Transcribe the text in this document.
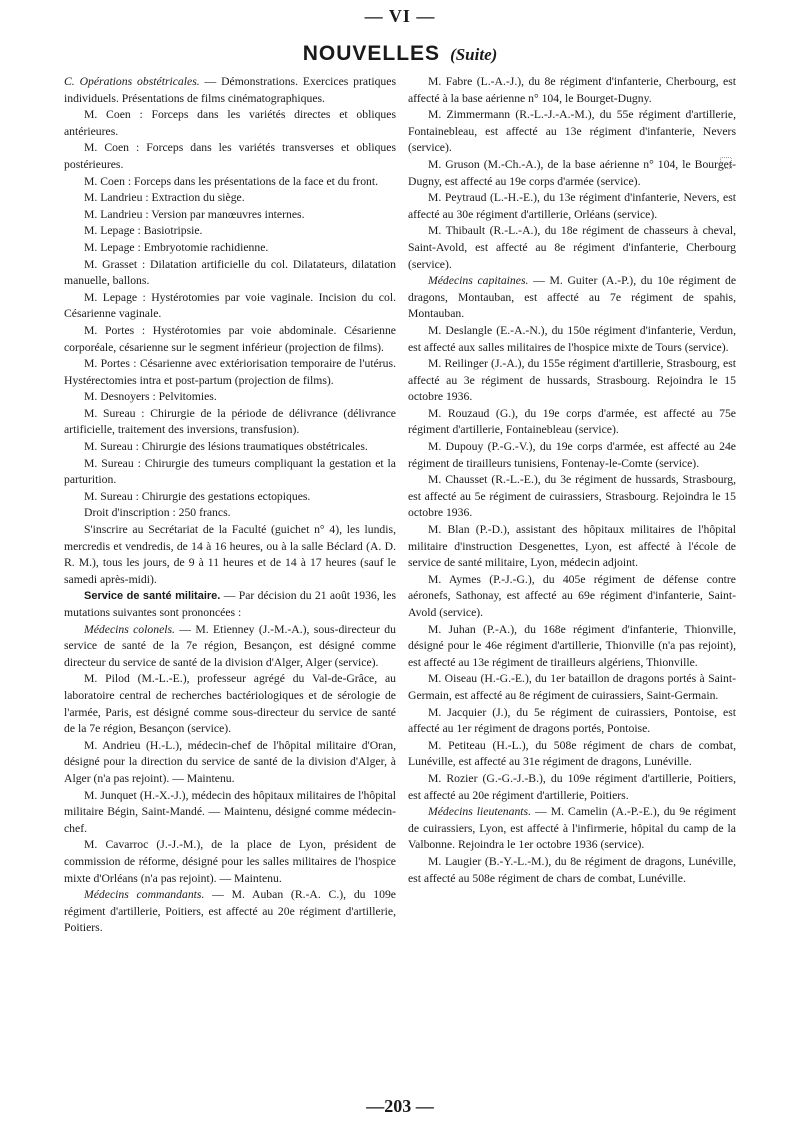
— VI —
NOUVELLES (Suite)

C. Opérations obstétricales. — Démonstrations. Exercices pratiques individuels. Présentations de films cinématographiques.

M. Coen : Forceps dans les variétés directes et obliques antérieures.

M. Coen : Forceps dans les variétés transverses et obliques postérieures.

M. Coen : Forceps dans les présentations de la face et du front.

M. Landrieu : Extraction du siège.

M. Landrieu : Version par manœuvres internes.

M. Lepage : Basiotripsie.

M. Lepage : Embryotomie rachidienne.

M. Grasset : Dilatation artificielle du col. Dilatateurs, dilatation manuelle, ballons.

M. Lepage : Hystérotomies par voie vaginale. Incision du col. Césarienne vaginale.

M. Portes : Hystérotomies par voie abdominale. Césarienne corporéale, césarienne sur le segment inférieur (projection de films).

M. Portes : Césarienne avec extériorisation temporaire de l'utérus. Hystérectomies intra et post-partum (projection de films).

M. Desnoyers : Pelvitomies.

M. Sureau : Chirurgie de la période de délivrance (délivrance artificielle, traitement des inversions, transfusion).

M. Sureau : Chirurgie des lésions traumatiques obstétricales.

M. Sureau : Chirurgie des tumeurs compliquant la gestation et la parturition.

M. Sureau : Chirurgie des gestations ectopiques.

Droit d'inscription : 250 francs.

S'inscrire au Secrétariat de la Faculté (guichet n° 4), les lundis, mercredis et vendredis, de 14 à 16 heures, ou à la salle Béclard (A. D. R. M.), tous les jours, de 9 à 11 heures et de 14 à 17 heures (sauf le samedi après-midi).

Service de santé militaire. — Par décision du 21 août 1936, les mutations suivantes sont prononcées :

Médecins colonels. — M. Etienney (J.-M.-A.), sous-directeur du service de santé de la 7e région, Besançon, est désigné comme directeur du service de santé de la division d'Alger, Alger (service).

M. Pilod (M.-L.-E.), professeur agrégé du Val-de-Grâce, au laboratoire central de recherches bactériologiques et de sérologie de l'armée, Paris, est désigné comme sous-directeur du service de santé de la 7e région, Besançon (service).

M. Andrieu (H.-L.), médecin-chef de l'hôpital militaire d'Oran, désigné pour la direction du service de santé de la division d'Alger, à Alger (n'a pas rejoint). — Maintenu.

M. Junquet (H.-X.-J.), médecin des hôpitaux militaires de l'hôpital militaire Bégin, Saint-Mandé. — Maintenu, désigné comme médecin-chef.

M. Cavarroc (J.-J.-M.), de la place de Lyon, président de commission de réforme, désigné pour les salles militaires de l'hospice mixte d'Orléans (n'a pas rejoint). — Maintenu.

Médecins commandants. — M. Auban (R.-A. C.), du 109e régiment d'artillerie, Poitiers, est affecté au 20e régiment d'artillerie, Poitiers.

M. Fabre (L.-A.-J.), du 8e régiment d'infanterie, Cherbourg, est affecté à la base aérienne n° 104, le Bourget-Dugny.

M. Zimmermann (R.-L.-J.-A.-M.), du 55e régiment d'artillerie, Fontainebleau, est affecté au 13e régiment d'infanterie, Nevers (service).

M. Gruson (M.-Ch.-A.), de la base aérienne n° 104, le Bourget-Dugny, est affecté au 19e corps d'armée (service).

M. Peytraud (L.-H.-E.), du 13e régiment d'infanterie, Nevers, est affecté au 30e régiment d'artillerie, Orléans (service).

M. Thibault (R.-L.-A.), du 18e régiment de chasseurs à cheval, Saint-Avold, est affecté au 8e régiment d'infanterie, Cherbourg (service).

Médecins capitaines. — M. Guiter (A.-P.), du 10e régiment de dragons, Montauban, est affecté au 7e régiment de spahis, Montauban.

M. Deslangle (E.-A.-N.), du 150e régiment d'infanterie, Verdun, est affecté aux salles militaires de l'hospice mixte de Tours (service).

M. Reilinger (J.-A.), du 155e régiment d'artillerie, Strasbourg, est affecté au 3e régiment de hussards, Strasbourg. Rejoindra le 15 octobre 1936.

M. Rouzaud (G.), du 19e corps d'armée, est affecté au 75e régiment d'artillerie, Fontainebleau (service).

M. Dupouy (P.-G.-V.), du 19e corps d'armée, est affecté au 24e régiment de tirailleurs tunisiens, Fontenay-le-Comte (service).

M. Chausset (R.-L.-E.), du 3e régiment de hussards, Strasbourg, est affecté au 5e régiment de cuirassiers, Strasbourg. Rejoindra le 15 octobre 1936.

M. Blan (P.-D.), assistant des hôpitaux militaires de l'hôpital militaire d'instruction Desgenettes, Lyon, est affecté à l'école de service de santé militaire, Lyon, médecin adjoint.

M. Aymes (P.-J.-G.), du 405e régiment de défense contre aéronefs, Sathonay, est affecté au 69e régiment d'infanterie, Saint-Avold (service).

M. Juhan (P.-A.), du 168e régiment d'infanterie, Thionville, désigné pour le 46e régiment d'artillerie, Thionville (n'a pas rejoint), est affecté au 13e régiment de tirailleurs algériens, Thionville.

M. Oiseau (H.-G.-E.), du 1er bataillon de dragons portés à Saint-Germain, est affecté au 8e régiment de cuirassiers, Saint-Germain.

M. Jacquier (J.), du 5e régiment de cuirassiers, Pontoise, est affecté au 1er régiment de dragons portés, Pontoise.

M. Petiteau (H.-L.), du 508e régiment de chars de combat, Lunéville, est affecté au 31e régiment de dragons, Lunéville.

M. Rozier (G.-G.-J.-B.), du 109e régiment d'artillerie, Poitiers, est affecté au 20e régiment d'artillerie, Poitiers.

Médecins lieutenants. — M. Camelin (A.-P.-E.), du 9e régiment de cuirassiers, Lyon, est affecté à l'infirmerie, hôpital du camp de la Valbonne. Rejoindra le 1er octobre 1936 (service).

M. Laugier (B.-Y.-L.-M.), du 8e régiment de dragons, Lunéville, est affecté au 508e régiment de chars de combat, Lunéville.

—203 —
